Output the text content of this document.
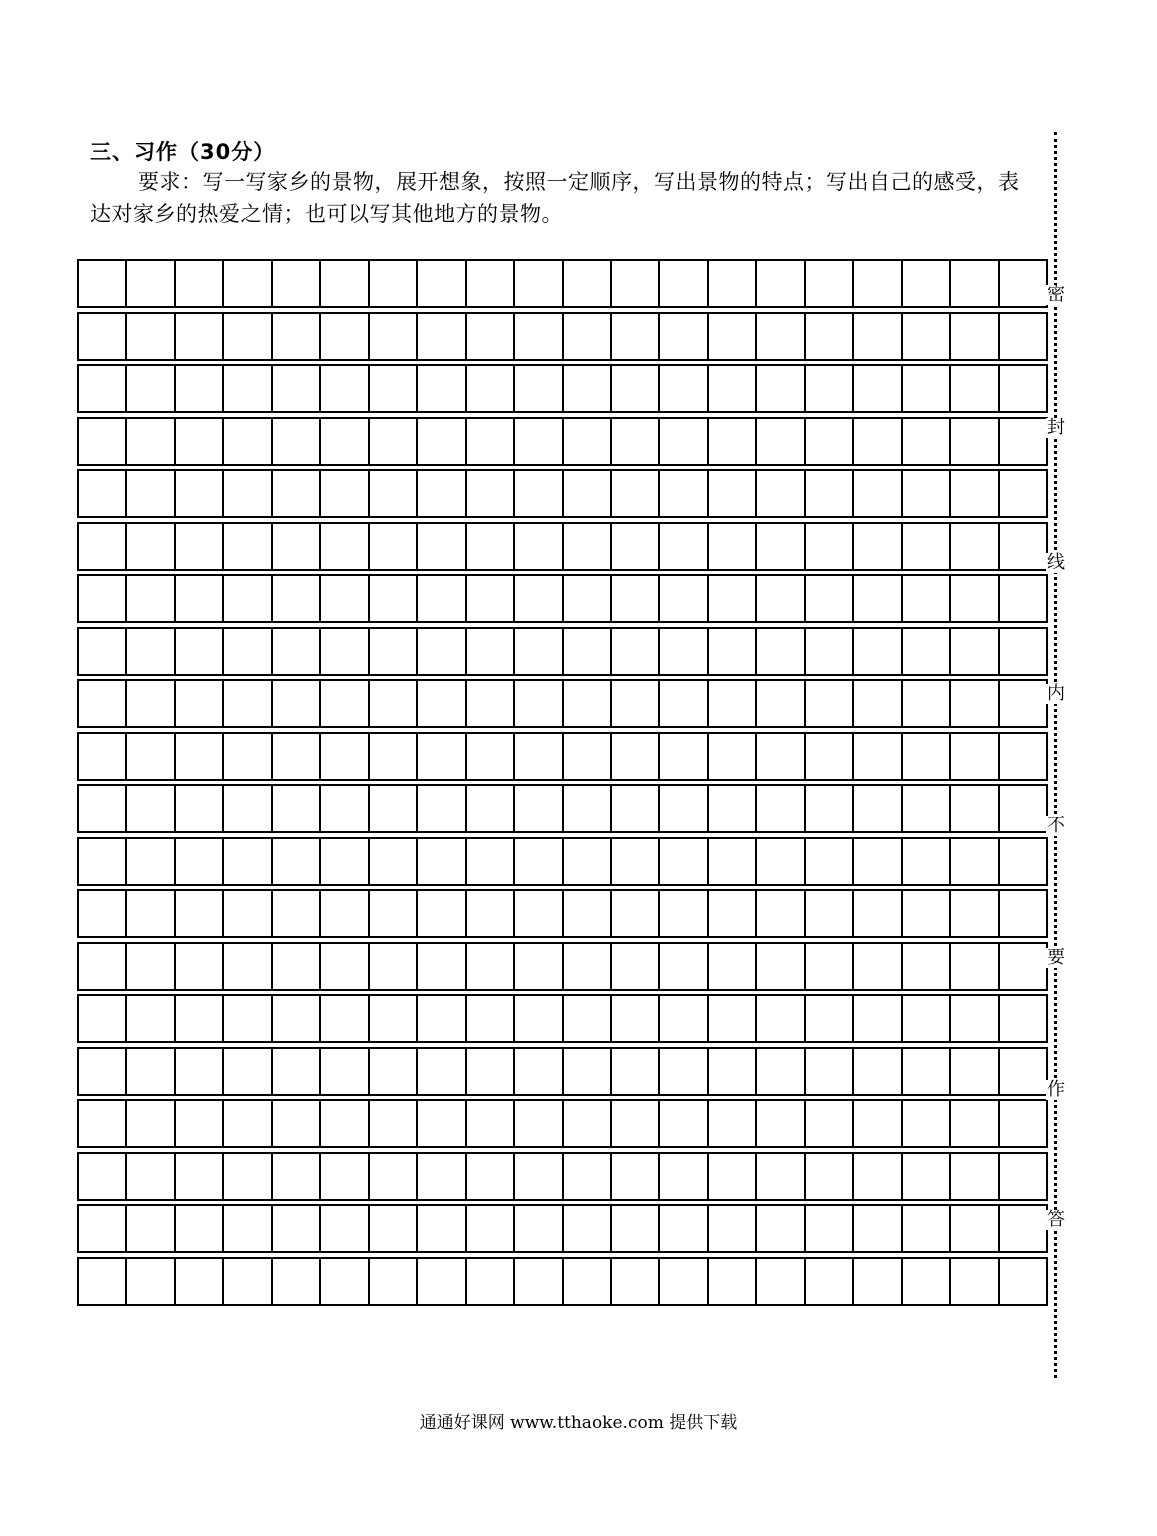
三、习作（30分）
要求：写一写家乡的景物，展开想象，按照一定顺序，写出景物的特点；写出自己的感受，表达对家乡的热爱之情；也可以写其他地方的景物。
密
封
线
内
不
要
作
答
通通好课网 www.tthaoke.com 提供下载
